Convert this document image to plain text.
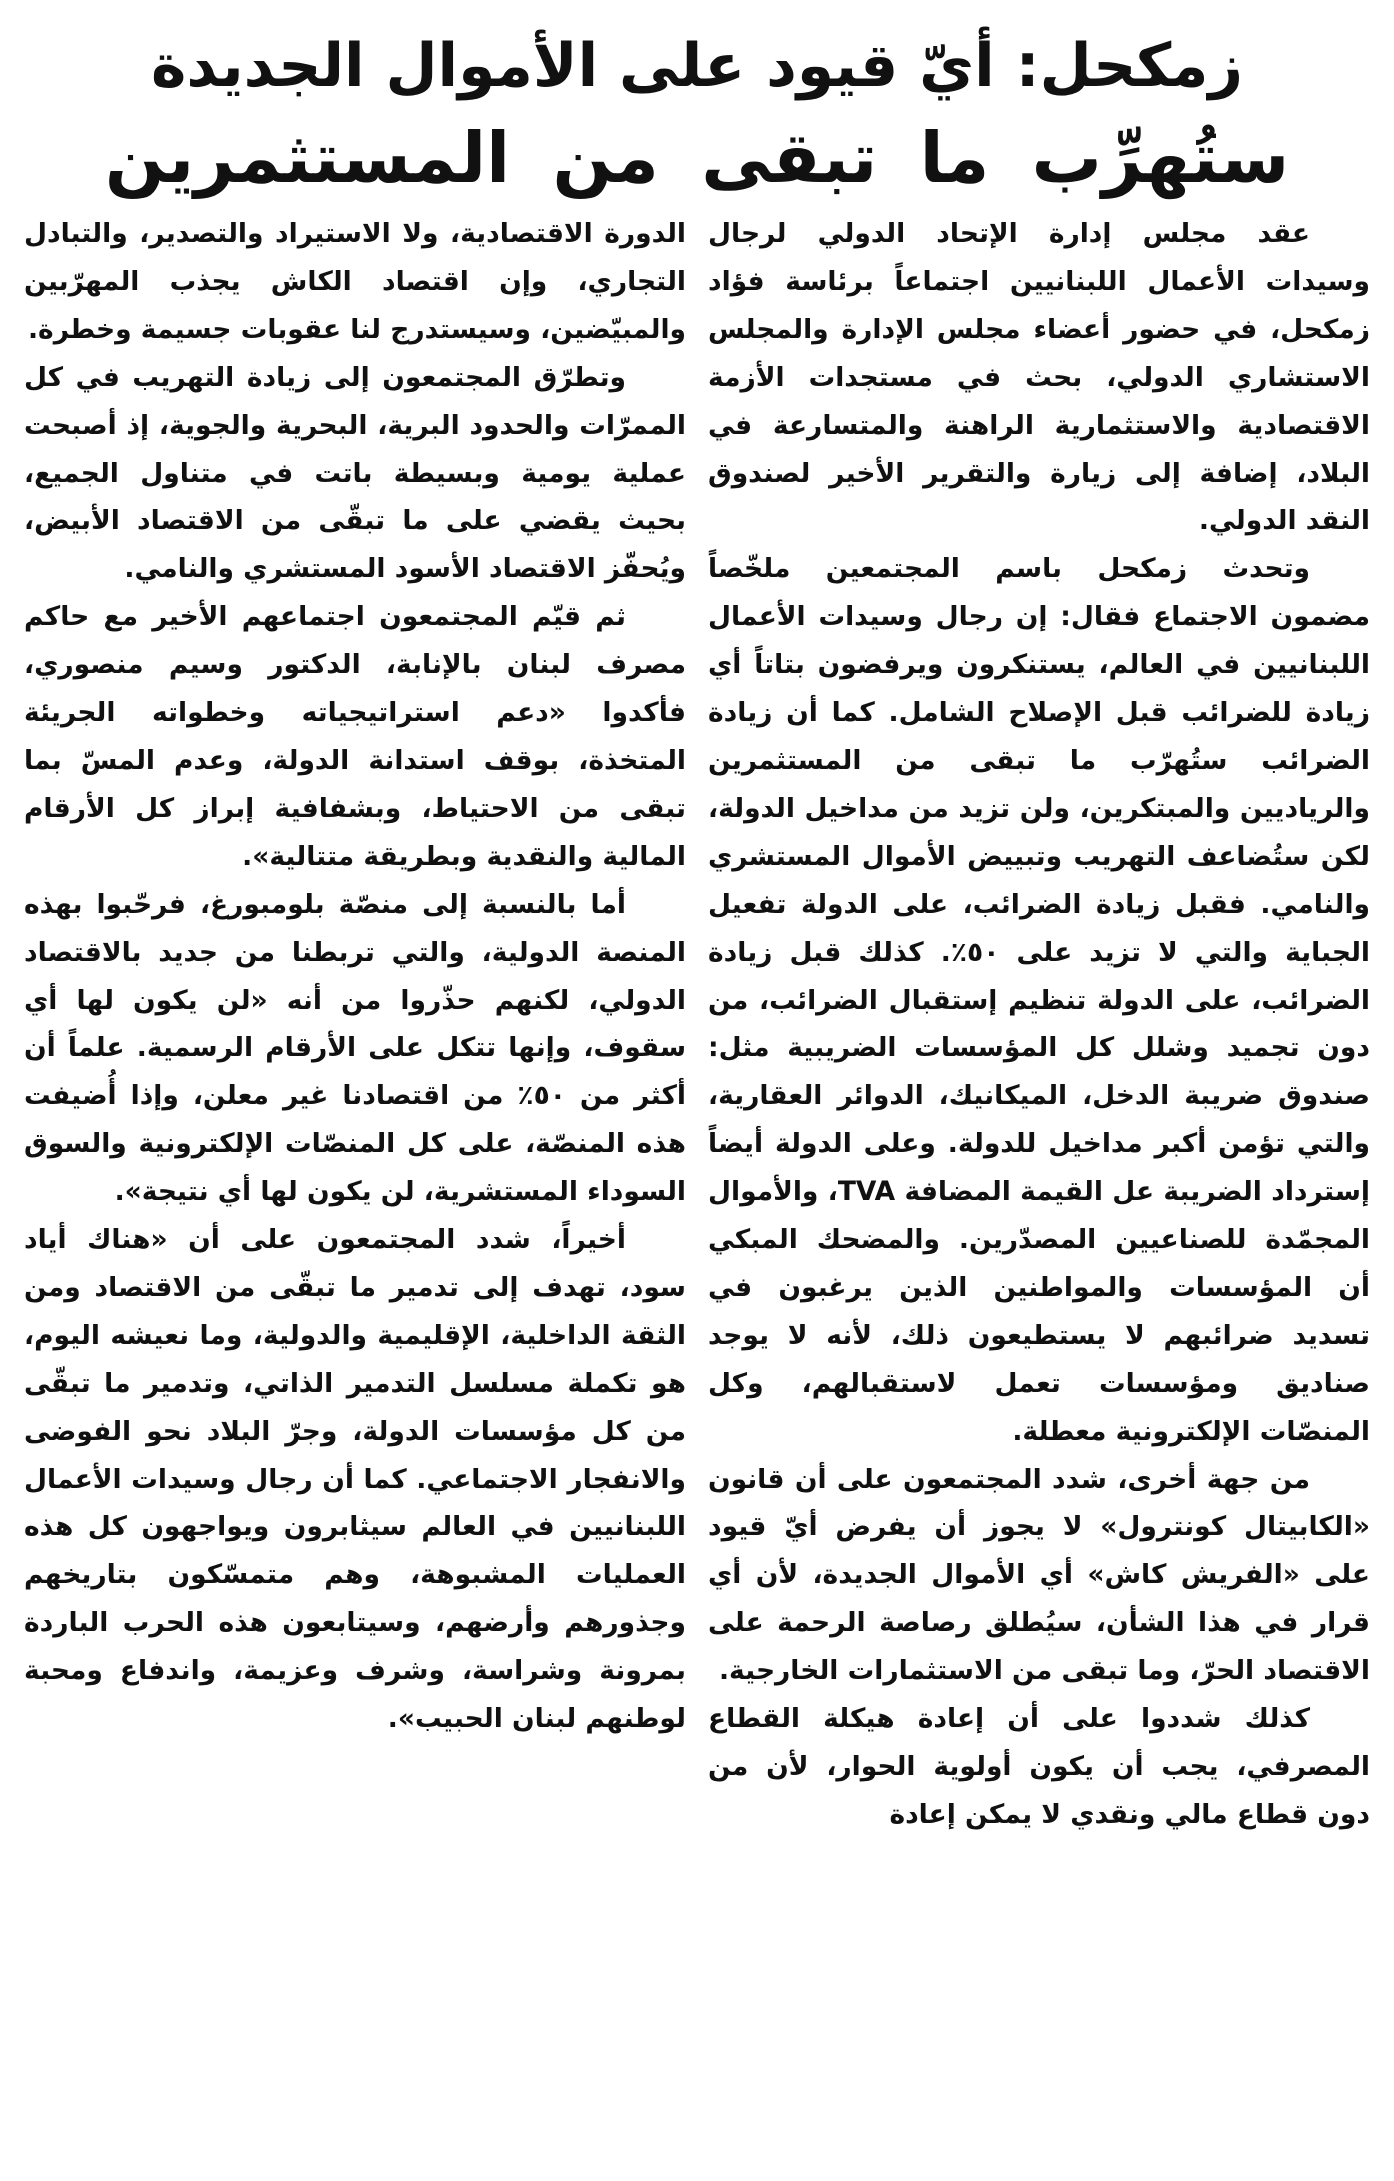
زمكحل: أيّ قيود على الأموال الجديدة
ستُهرِّب ما تبقى من المستثمرين

عقد مجلس إدارة الإتحاد الدولي لرجال وسيدات الأعمال اللبنانيين اجتماعاً برئاسة فؤاد زمكحل، في حضور أعضاء مجلس الإدارة والمجلس الاستشاري الدولي، بحث في مستجدات الأزمة الاقتصادية والاستثمارية الراهنة والمتسارعة في البلاد، إضافة إلى زيارة والتقرير الأخير لصندوق النقد الدولي.

وتحدث زمكحل باسم المجتمعين ملخّصاً مضمون الاجتماع فقال: إن رجال وسيدات الأعمال اللبنانيين في العالم، يستنكرون ويرفضون بتاتاً أي زيادة للضرائب قبل الإصلاح الشامل. كما أن زيادة الضرائب ستُهرّب ما تبقى من المستثمرين والرياديين والمبتكرين، ولن تزيد من مداخيل الدولة، لكن ستُضاعف التهريب وتبييض الأموال المستشري والنامي. فقبل زيادة الضرائب، على الدولة تفعيل الجباية والتي لا تزيد على ٥٠٪. كذلك قبل زيادة الضرائب، على الدولة تنظيم إستقبال الضرائب، من دون تجميد وشلل كل المؤسسات الضريبية مثل: صندوق ضريبة الدخل، الميكانيك، الدوائر العقارية، والتي تؤمن أكبر مداخيل للدولة. وعلى الدولة أيضاً إسترداد الضريبة عل القيمة المضافة TVA، والأموال المجمّدة للصناعيين المصدّرين. والمضحك المبكي أن المؤسسات والمواطنين الذين يرغبون في تسديد ضرائبهم لا يستطيعون ذلك، لأنه لا يوجد صناديق ومؤسسات تعمل لاستقبالهم، وكل المنصّات الإلكترونية معطلة.

من جهة أخرى، شدد المجتمعون على أن قانون «الكابيتال كونترول» لا يجوز أن يفرض أيّ قيود على «الفريش كاش» أي الأموال الجديدة، لأن أي قرار في هذا الشأن، سيُطلق رصاصة الرحمة على الاقتصاد الحرّ، وما تبقى من الاستثمارات الخارجية.

كذلك شددوا على أن إعادة هيكلة القطاع المصرفي، يجب أن يكون أولوية الحوار، لأن من دون قطاع مالي ونقدي لا يمكن إعادة

الدورة الاقتصادية، ولا الاستيراد والتصدير، والتبادل التجاري، وإن اقتصاد الكاش يجذب المهرّبين والمبيّضين، وسيستدرج لنا عقوبات جسيمة وخطرة.

وتطرّق المجتمعون إلى زيادة التهريب في كل الممرّات والحدود البرية، البحرية والجوية، إذ أصبحت عملية يومية وبسيطة باتت في متناول الجميع، بحيث يقضي على ما تبقّى من الاقتصاد الأبيض، ويُحفّز الاقتصاد الأسود المستشري والنامي.

ثم قيّم المجتمعون اجتماعهم الأخير مع حاكم مصرف لبنان بالإنابة، الدكتور وسيم منصوري، فأكدوا «دعم استراتيجياته وخطواته الجريئة المتخذة، بوقف استدانة الدولة، وعدم المسّ بما تبقى من الاحتياط، وبشفافية إبراز كل الأرقام المالية والنقدية وبطريقة متتالية».

أما بالنسبة إلى منصّة بلومبورغ، فرحّبوا بهذه المنصة الدولية، والتي تربطنا من جديد بالاقتصاد الدولي، لكنهم حذّروا من أنه «لن يكون لها أي سقوف، وإنها تتكل على الأرقام الرسمية. علماً أن أكثر من ٥٠٪ من اقتصادنا غير معلن، وإذا أُضيفت هذه المنصّة، على كل المنصّات الإلكترونية والسوق السوداء المستشرية، لن يكون لها أي نتيجة».

أخيراً، شدد المجتمعون على أن «هناك أياد سود، تهدف إلى تدمير ما تبقّى من الاقتصاد ومن الثقة الداخلية، الإقليمية والدولية، وما نعيشه اليوم، هو تكملة مسلسل التدمير الذاتي، وتدمير ما تبقّى من كل مؤسسات الدولة، وجرّ البلاد نحو الفوضى والانفجار الاجتماعي. كما أن رجال وسيدات الأعمال اللبنانيين في العالم سيثابرون ويواجهون كل هذه العمليات المشبوهة، وهم متمسّكون بتاريخهم وجذورهم وأرضهم، وسيتابعون هذه الحرب الباردة بمرونة وشراسة، وشرف وعزيمة، واندفاع ومحبة لوطنهم لبنان الحبيب».
